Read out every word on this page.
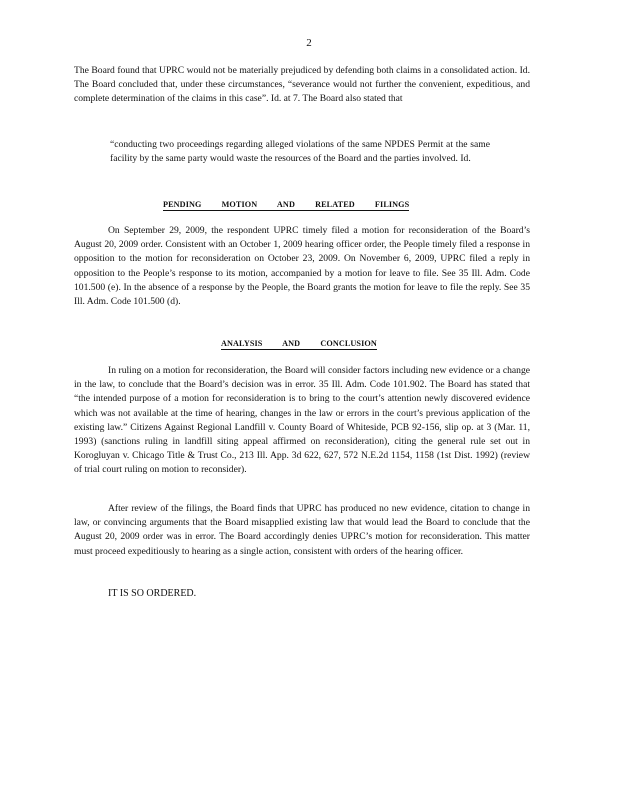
2

The Board found that UPRC would not be materially prejudiced by defending both claims in a consolidated action. Id. The Board concluded that, under these circumstances, “severance would not further the convenient, expeditious, and complete determination of the claims in this case”. Id. at 7. The Board also stated that

“conducting two proceedings regarding alleged violations of the same NPDES Permit at the same facility by the same party would waste the resources of the Board and the parties involved. Id.

PENDING MOTION AND RELATED FILINGS

On September 29, 2009, the respondent UPRC timely filed a motion for reconsideration of the Board’s August 20, 2009 order. Consistent with an October 1, 2009 hearing officer order, the People timely filed a response in opposition to the motion for reconsideration on October 23, 2009. On November 6, 2009, UPRC filed a reply in opposition to the People’s response to its motion, accompanied by a motion for leave to file. See 35 Ill. Adm. Code 101.500 (e). In the absence of a response by the People, the Board grants the motion for leave to file the reply. See 35 Ill. Adm. Code 101.500 (d).

ANALYSIS AND CONCLUSION

In ruling on a motion for reconsideration, the Board will consider factors including new evidence or a change in the law, to conclude that the Board’s decision was in error. 35 Ill. Adm. Code 101.902. The Board has stated that “the intended purpose of a motion for reconsideration is to bring to the court’s attention newly discovered evidence which was not available at the time of hearing, changes in the law or errors in the court’s previous application of the existing law.” Citizens Against Regional Landfill v. County Board of Whiteside, PCB 92-156, slip op. at 3 (Mar. 11, 1993) (sanctions ruling in landfill siting appeal affirmed on reconsideration), citing the general rule set out in Korogluyan v. Chicago Title & Trust Co., 213 Ill. App. 3d 622, 627, 572 N.E.2d 1154, 1158 (1st Dist. 1992) (review of trial court ruling on motion to reconsider).

After review of the filings, the Board finds that UPRC has produced no new evidence, citation to change in law, or convincing arguments that the Board misapplied existing law that would lead the Board to conclude that the August 20, 2009 order was in error. The Board accordingly denies UPRC’s motion for reconsideration. This matter must proceed expeditiously to hearing as a single action, consistent with orders of the hearing officer.

IT IS SO ORDERED.
